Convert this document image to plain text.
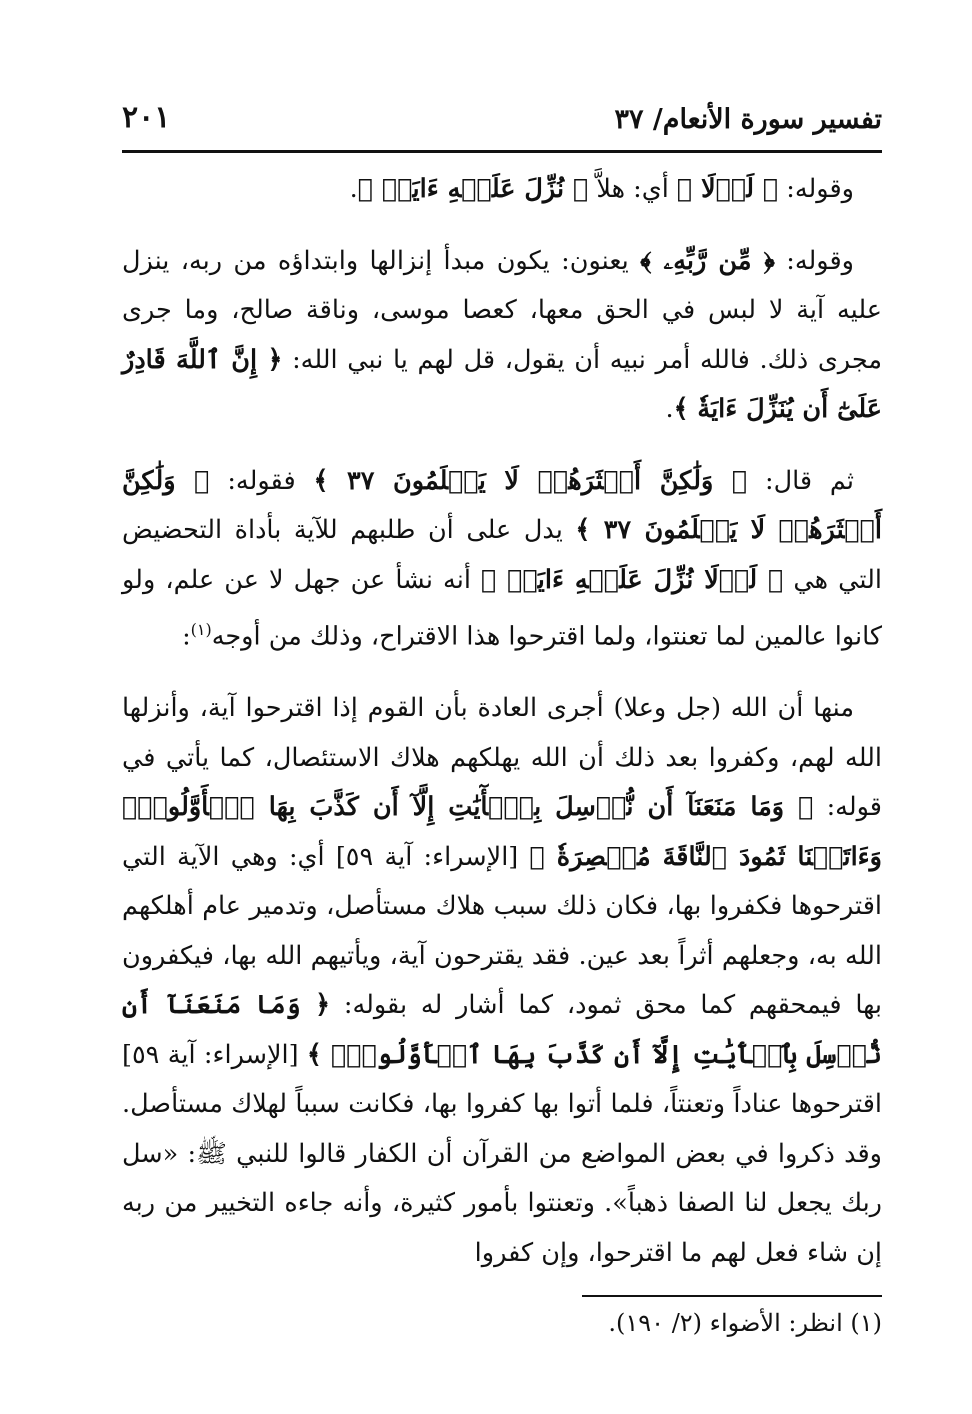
تفسير سورة الأنعام/ ٣٧
٢٠١

وقوله: ﴿ لَوۡلَا ﴾ أي: هلاَّ ﴿ نُزِّلَ عَلَيۡهِ ءَايَةٞ ﴾.

وقوله: ﴿ مِّن رَّبِّهِۦ ﴾ يعنون: يكون مبدأ إنزالها وابتداؤه من ربه، ينزل عليه آية لا لبس في الحق معها، كعصا موسى، وناقة صالح، وما جرى مجرى ذلك. فالله أمر نبيه أن يقول، قل لهم يا نبي الله: ﴿ إِنَّ ٱللَّهَ قَادِرٌ عَلَىٰٓ أَن يُنَزِّلَ ءَايَةٗ ﴾.

ثم قال: ﴿ وَلَٰكِنَّ أَكۡثَرَهُمۡ لَا يَعۡلَمُونَ ٣٧ ﴾ فقوله: ﴿ وَلَٰكِنَّ أَكۡثَرَهُمۡ لَا يَعۡلَمُونَ ٣٧ ﴾ يدل على أن طلبهم للآية بأداة التحضيض التي هي ﴿ لَوۡلَا نُزِّلَ عَلَيۡهِ ءَايَةٞ ﴾ أنه نشأ عن جهل لا عن علم، ولو كانوا عالمين لما تعنتوا، ولما اقترحوا هذا الاقتراح، وذلك من أوجه$^{(١)}$:

منها أن الله (جل وعلا) أجرى العادة بأن القوم إذا اقترحوا آية، وأنزلها الله لهم، وكفروا بعد ذلك أن الله يهلكهم هلاك الاستئصال، كما يأتي في قوله: ﴿ وَمَا مَنَعَنَآ أَن نُّرۡسِلَ بِٱلۡأٓيَٰتِ إِلَّآ أَن كَذَّبَ بِهَا ٱلۡأَوَّلُونَۚ وَءَاتَيۡنَا ثَمُودَ ٱلنَّاقَةَ مُبۡصِرَةٗ ﴾ [الإسراء: آية ٥٩] أي: وهي الآية التي اقترحوها فكفروا بها، فكان ذلك سبب هلاك مستأصل، وتدمير عام أهلكهم الله به، وجعلهم أثراً بعد عين. فقد يقترحون آية، ويأتيهم الله بها، فيكفرون بها فيمحقهم كما محق ثمود، كما أشار له بقوله: ﴿ وَمَا مَنَعَنَآ أَن نُّرۡسِلَ بِٱلۡأٓيَٰتِ إِلَّآ أَن كَذَّبَ بِهَا ٱلۡأَوَّلُونَۚ ﴾ [الإسراء: آية ٥٩] اقترحوها عناداً وتعنتاً، فلما أتوا بها كفروا بها، فكانت سبباً لهلاك مستأصل. وقد ذكروا في بعض المواضع من القرآن أن الكفار قالوا للنبي ﷺ: «سل ربك يجعل لنا الصفا ذهباً». وتعنتوا بأمور كثيرة، وأنه جاءه التخيير من ربه إن شاء فعل لهم ما اقترحوا، وإن كفروا

(١) انظر: الأضواء (٢/ ١٩٠).
